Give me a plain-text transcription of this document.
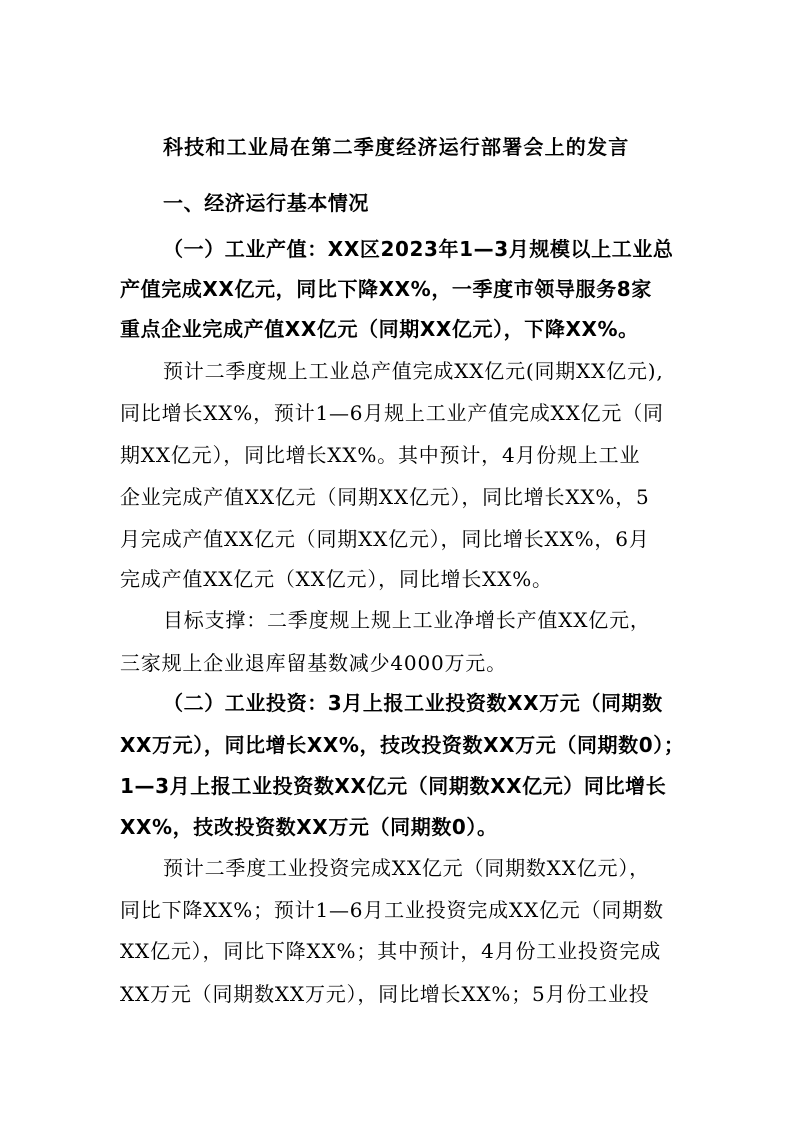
科技和工业局在第二季度经济运行部署会上的发言
一、经济运行基本情况
（一）工业产值：XX区2023年1—3月规模以上工业总
产值完成XX亿元，同比下降XX%，一季度市领导服务8家
重点企业完成产值XX亿元（同期XX亿元），下降XX%。
预计二季度规上工业总产值完成XX亿元(同期XX亿元),
同比增长XX%，预计1—6月规上工业产值完成XX亿元（同
期XX亿元），同比增长XX%。其中预计，4月份规上工业
企业完成产值XX亿元（同期XX亿元），同比增长XX%，5
月完成产值XX亿元（同期XX亿元），同比增长XX%，6月
完成产值XX亿元（XX亿元），同比增长XX%。
目标支撑：二季度规上规上工业净增长产值XX亿元，
三家规上企业退库留基数减少4000万元。
（二）工业投资：3月上报工业投资数XX万元（同期数
XX万元），同比增长XX%，技改投资数XX万元（同期数0）；
1—3月上报工业投资数XX亿元（同期数XX亿元）同比增长
XX%，技改投资数XX万元（同期数0）。
预计二季度工业投资完成XX亿元（同期数XX亿元），
同比下降XX%；预计1—6月工业投资完成XX亿元（同期数
XX亿元），同比下降XX%；其中预计，4月份工业投资完成
XX万元（同期数XX万元），同比增长XX%；5月份工业投
